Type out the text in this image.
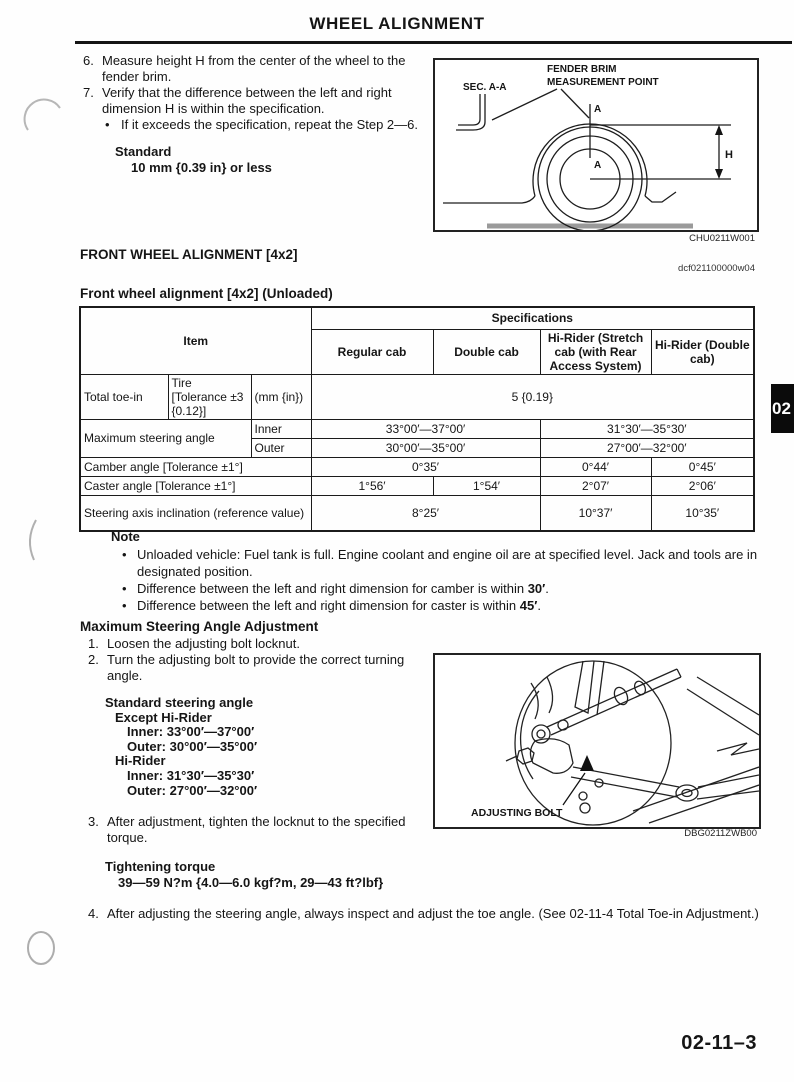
WHEEL ALIGNMENT
6. Measure height H from the center of the wheel to the fender brim.
7. Verify that the difference between the left and right dimension H is within the specification.
• If it exceeds the specification, repeat the Step 2—6.
Standard
10 mm {0.39 in} or less
SEC. A-A
FENDER BRIM
MEASUREMENT POINT
A
A
H
CHU0211W001
dcf021100000w04
FRONT WHEEL ALIGNMENT [4x2]
Front wheel alignment [4x2] (Unloaded)
Item			Specifications			
			Regular cab	Double cab	Hi-Rider (Stretch cab (with Rear Access System)	Hi-Rider (Double cab)
Total toe-in	Tire [Tolerance ±3 {0.12}]	(mm {in})	5 {0.19}			
Maximum steering angle		Inner	33°00′—37°00′		31°30′—35°30′	
		Outer	30°00′—35°00′		27°00′—32°00′	
Camber angle [Tolerance ±1°]			0°35′		0°44′	0°45′
Caster angle [Tolerance ±1°]			1°56′	1°54′	2°07′	2°06′
Steering axis inclination (reference value)			8°25′		10°37′	10°35′
02
Note
• Unloaded vehicle: Fuel tank is full. Engine coolant and engine oil are at specified level. Jack and tools are in designated position.
• Difference between the left and right dimension for camber is within 30′.
• Difference between the left and right dimension for caster is within 45′.
Maximum Steering Angle Adjustment
1. Loosen the adjusting bolt locknut.
2. Turn the adjusting bolt to provide the correct turning angle.
Standard steering angle
Except Hi-Rider
Inner: 33°00′—37°00′
Outer: 30°00′—35°00′
Hi-Rider
Inner: 31°30′—35°30′
Outer: 27°00′—32°00′
3. After adjustment, tighten the locknut to the specified torque.
Tightening torque
39—59 N?m {4.0—6.0 kgf?m, 29—43 ft?lbf}
4. After adjusting the steering angle, always inspect and adjust the toe angle. (See 02-11-4 Total Toe-in Adjustment.)
ADJUSTING BOLT
DBG0211ZWB00
02-11–3
